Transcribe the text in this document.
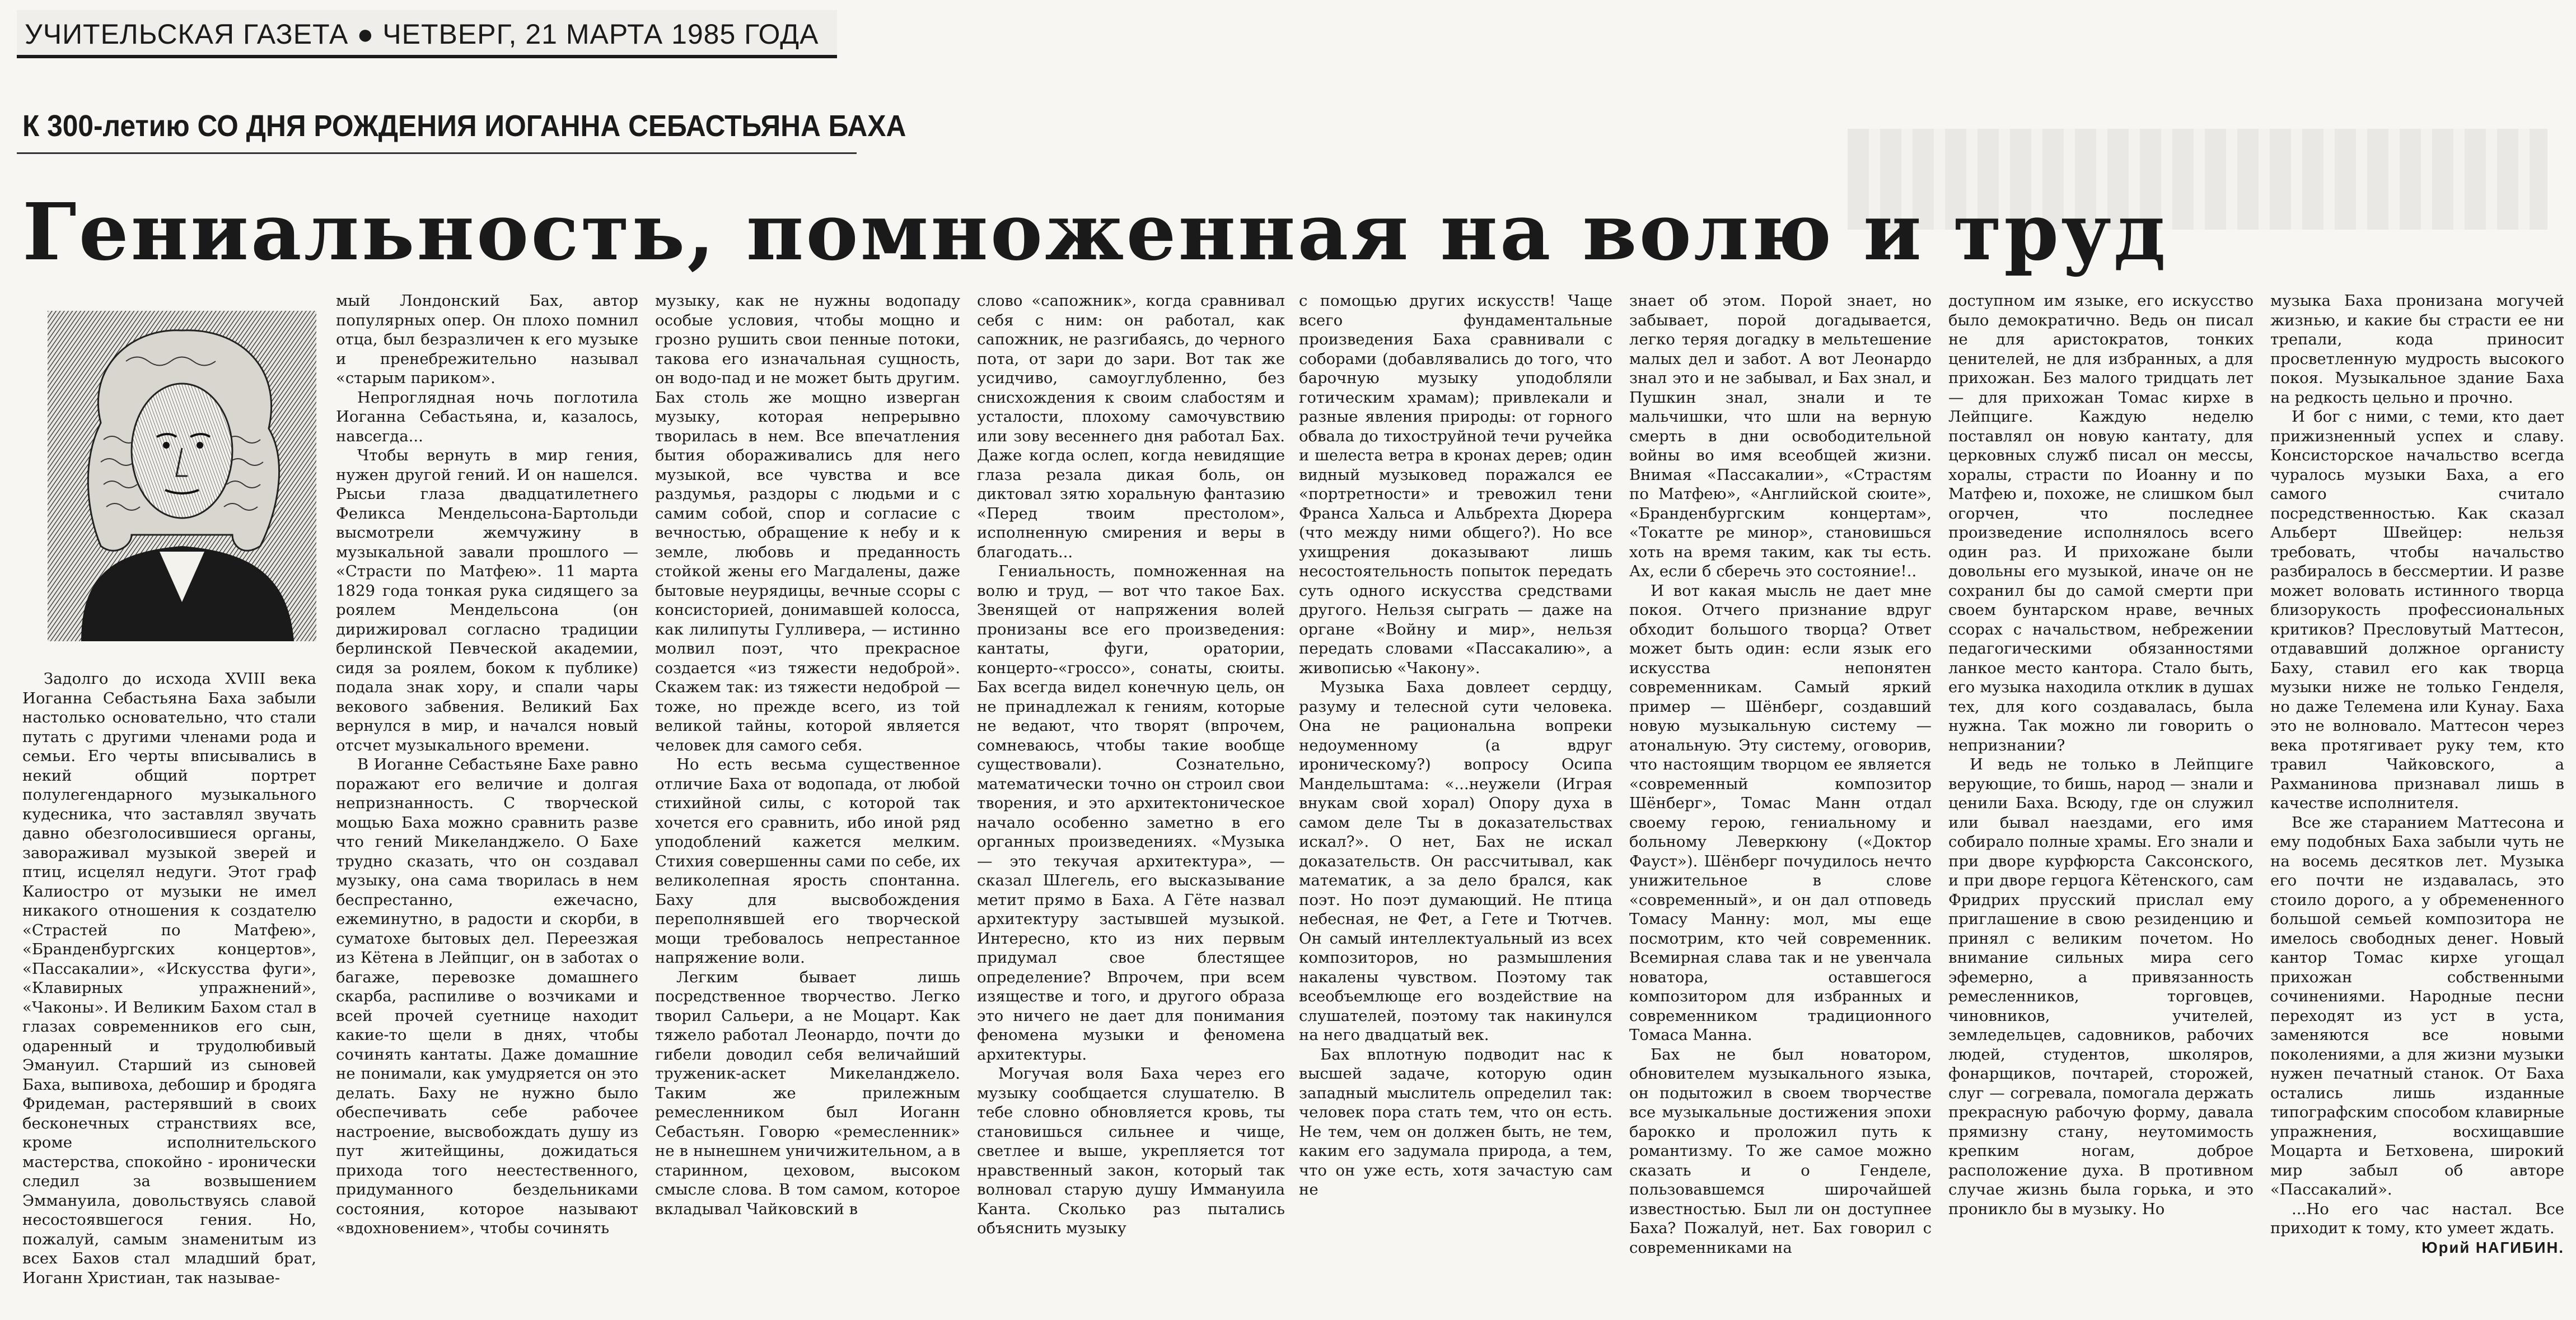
УЧИТЕЛЬСКАЯ ГАЗЕТА ● ЧЕТВЕРГ, 21 МАРТА 1985 ГОДА
К 300-летию СО ДНЯ РОЖДЕНИЯ ИОГАННА СЕБАСТЬЯНА БАХА
Гениальность, помноженная на волю и труд

Задолго до исхода XVIII века Иоганна Себастьяна Баха забыли настолько основательно, что стали путать с другими членами рода и семьи. Его черты вписывались в некий общий портрет полулегендарного музыкального кудесника, что заставлял звучать давно обезголосившиеся органы, завораживал музыкой зверей и птиц, исцелял недуги. Этот граф Калиостро от музыки не имел никакого отношения к создателю «Страстей по Матфею», «Бранденбургских концертов», «Пассакалии», «Искусства фуги», «Клавирных упражнений», «Чаконы». И Великим Бахом стал в глазах современников его сын, одаренный и трудолюбивый Эмануил. Старший из сыновей Баха, выпивоха, дебошир и бродяга Фридеман, растерявший в своих бесконечных странствиях все, кроме исполнительского мастерства, спокойно - иронически следил за возвышением Эммануила, довольствуясь славой несостоявшегося гения. Но, пожалуй, самым знаменитым из всех Бахов стал младший брат, Иоганн Христиан, так называе-

мый Лондонский Бах, автор популярных опер. Он плохо помнил отца, был безразличен к его музыке и пренебрежительно называл «старым париком».

Непроглядная ночь поглотила Иоганна Себастьяна, и, казалось, навсегда...

Чтобы вернуть в мир гения, нужен другой гений. И он нашелся. Рысьи глаза двадцатилетнего Феликса Мендельсона-Бартольди высмотрели жемчужину в музыкальной завали прошлого — «Страсти по Матфею». 11 марта 1829 года тонкая рука сидящего за роялем Мендельсона (он дирижировал согласно традиции берлинской Певческой академии, сидя за роялем, боком к публике) подала знак хору, и спали чары векового забвения. Великий Бах вернулся в мир, и начался новый отсчет музыкального времени.

В Иоганне Себастьяне Бахе равно поражают его величие и долгая непризнанность. С творческой мощью Баха можно сравнить разве что гений Микеланджело. О Бахе трудно сказать, что он создавал музыку, она сама творилась в нем беспрестанно, ежечасно, ежеминутно, в радости и скорби, в суматохе бытовых дел. Переезжая из Кётена в Лейпциг, он в заботах о багаже, перевозке домашнего скарба, распиливе о возчиками и всей прочей суетнице находит какие-то щели в днях, чтобы сочинять кантаты. Даже домашние не понимали, как умудряется он это делать. Баху не нужно было обеспечивать себе рабочее настроение, высвобождать душу из пут житейщины, дожидаться прихода того неестественного, придуманного бездельниками состояния, которое называют «вдохновением», чтобы сочинять

музыку, как не нужны водопаду особые условия, чтобы мощно и грозно рушить свои пенные потоки, такова его изначальная сущность, он водо-пад и не может быть другим. Бах столь же мощно изверган музыку, которая непрерывно творилась в нем. Все впечатления бытия обораживались для него музыкой, все чувства и все раздумья, раздоры с людьми и с самим собой, спор и согласие с вечностью, обращение к небу и к земле, любовь и преданность стойкой жены его Магдалены, даже бытовые неурядицы, вечные ссоры с консисторией, донимавшей колосса, как лилипуты Гулливера, — истинно молвил поэт, что прекрасное создается «из тяжести недоброй». Скажем так: из тяжести недоброй — тоже, но прежде всего, из той великой тайны, которой является человек для самого себя.

Но есть весьма существенное отличие Баха от водопада, от любой стихийной силы, с которой так хочется его сравнить, ибо иной ряд уподоблений кажется мелким. Стихия совершенны сами по себе, их великолепная ярость спонтанна. Баху для высвобождения переполнявшей его творческой мощи требовалось непрестанное напряжение воли.

Легким бывает лишь посредственное творчество. Легко творил Сальери, а не Моцарт. Как тяжело работал Леонардо, почти до гибели доводил себя величайший труженик-аскет Микеланджело. Таким же прилежным ремесленником был Иоганн Себастьян. Говорю «ремесленник» не в нынешнем уничижительном, а в старинном, цеховом, высоком смысле слова. В том самом, которое вкладывал Чайковский в

слово «сапожник», когда сравнивал себя с ним: он работал, как сапожник, не разгибаясь, до черного пота, от зари до зари. Вот так же усидчиво, самоуглубленно, без снисхождения к своим слабостям и усталости, плохому самочувствию или зову весеннего дня работал Бах. Даже когда ослеп, когда невидящие глаза резала дикая боль, он диктовал зятю хоральную фантазию «Перед твоим престолом», исполненную смирения и веры в благодать...

Гениальность, помноженная на волю и труд, — вот что такое Бах. Звенящей от напряжения волей пронизаны все его произведения: кантаты, фуги, оратории, концерто-«гроссо», сонаты, сюиты. Бах всегда видел конечную цель, он не принадлежал к гениям, которые не ведают, что творят (впрочем, сомневаюсь, чтобы такие вообще существовали). Сознательно, математически точно он строил свои творения, и это архитектоническое начало особенно заметно в его органных произведениях. «Музыка — это текучая архитектура», — сказал Шлегель, его высказывание метит прямо в Баха. А Гёте назвал архитектуру застывшей музыкой. Интересно, кто из них первым придумал свое блестящее определение? Впрочем, при всем изяществе и того, и другого образа это ничего не дает для понимания феномена музыки и феномена архитектуры.

Могучая воля Баха через его музыку сообщается слушателю. В тебе словно обновляется кровь, ты становишься сильнее и чище, светлее и выше, укрепляется тот нравственный закон, который так волновал старую душу Иммануила Канта. Сколько раз пытались объяснить музыку

с помощью других искусств! Чаще всего фундаментальные произведения Баха сравнивали с соборами (добавлявались до того, что барочную музыку уподобляли готическим храмам); привлекали и разные явления природы: от горного обвала до тихоструйной течи ручейка и шелеста ветра в кронах дерев; один видный музыковед поражался ее «портретности» и тревожил тени Франса Хальса и Альбрехта Дюрера (что между ними общего?). Но все ухищрения доказывают лишь несостоятельность попыток передать суть одного искусства средствами другого. Нельзя сыграть — даже на органе «Войну и мир», нельзя передать словами «Пассакалию», а живописью «Чакону».

Музыка Баха довлеет сердцу, разуму и телесной сути человека. Она не рациональна вопреки недоуменному (а вдруг ироническому?) вопросу Осипа Мандельштама: «...неужели (Играя внукам свой хорал) Опору духа в самом деле Ты в доказательствах искал?». О нет, Бах не искал доказательств. Он рассчитывал, как математик, а за дело брался, как поэт. Но поэт думающий. Не птица небесная, не Фет, а Гете и Тютчев. Он самый интеллектуальный из всех композиторов, но размышления накалены чувством. Поэтому так всеобъемлюще его воздействие на слушателей, поэтому так накинулся на него двадцатый век.

Бах вплотную подводит нас к высшей задаче, которую один западный мыслитель определил так: человек пора стать тем, что он есть. Не тем, чем он должен быть, не тем, каким его задумала природа, а тем, что он уже есть, хотя зачастую сам не

знает об этом. Порой знает, но забывает, порой догадывается, легко теряя догадку в мельтешение малых дел и забот. А вот Леонардо знал это и не забывал, и Бах знал, и Пушкин знал, знали и те мальчишки, что шли на верную смерть в дни освободительной войны во имя всеобщей жизни. Внимая «Пассакалии», «Страстям по Матфею», «Английской сюите», «Бранденбургским концертам», «Токатте ре минор», становишься хоть на время таким, как ты есть. Ах, если б сберечь это состояние!..

И вот какая мысль не дает мне покоя. Отчего признание вдруг обходит большого творца? Ответ может быть один: если язык его искусства непонятен современникам. Самый яркий пример — Шёнберг, создавший новую музыкальную систему — атональную. Эту систему, оговорив, что настоящим творцом ее является «современный композитор Шёнберг», Томас Манн отдал своему герою, гениальному и больному Леверкюну («Доктор Фауст»). Шёнберг почудилось нечто унижительное в слове «современный», и он дал отповедь Томасу Манну: мол, мы еще посмотрим, кто чей современник. Всемирная слава так и не увенчала новатора, оставшегося композитором для избранных и современником традиционного Томаса Манна.

Бах не был новатором, обновителем музыкального языка, он подытожил в своем творчестве все музыкальные достижения эпохи барокко и проложил путь к романтизму. То же самое можно сказать и о Генделе, пользовавшемся широчайшей известностью. Был ли он доступнее Баха? Пожалуй, нет. Бах говорил с современниками на

доступном им языке, его искусство было демократично. Ведь он писал не для аристократов, тонких ценителей, не для избранных, а для прихожан. Без малого тридцать лет — для прихожан Томас кирхе в Лейпциге. Каждую неделю поставлял он новую кантату, для церковных служб писал он мессы, хоралы, страсти по Иоанну и по Матфею и, похоже, не слишком был огорчен, что последнее произведение исполнялось всего один раз. И прихожане были довольны его музыкой, иначе он не сохранил бы до самой смерти при своем бунтарском нраве, вечных ссорах с начальством, небрежении педагогическими обязанностями ланкое место кантора. Стало быть, его музыка находила отклик в душах тех, для кого создавалась, была нужна. Так можно ли говорить о непризнании?

И ведь не только в Лейпциге верующие, то бишь, народ — знали и ценили Баха. Всюду, где он служил или бывал наездами, его имя собирало полные храмы. Его знали и при дворе курфюрста Саксонского, и при дворе герцога Кётенского, сам Фридрих прусский прислал ему приглашение в свою резиденцию и принял с великим почетом. Но внимание сильных мира сего эфемерно, а привязанность ремесленников, торговцев, чиновников, учителей, земледельцев, садовников, рабочих людей, студентов, школяров, фонарщиков, почтарей, сторожей, слуг — согревала, помогала держать прекрасную рабочую форму, давала прямизну стану, неутомимость крепким ногам, доброе расположение духа. В противном случае жизнь была горька, и это проникло бы в музыку. Но

музыка Баха пронизана могучей жизнью, и какие бы страсти ее ни трепали, кода приносит просветленную мудрость высокого покоя. Музыкальное здание Баха на редкость цельно и прочно.

И бог с ними, с теми, кто дает прижизненный успех и славу. Консисторское начальство всегда чуралось музыки Баха, а его самого считало посредственностью. Как сказал Альберт Швейцер: нельзя требовать, чтобы начальство разбиралось в бессмертии. И разве может воловать истинного творца близорукость профессиональных критиков? Пресловутый Маттесон, отдававший должное органисту Баху, ставил его как творца музыки ниже не только Генделя, но даже Телемена или Кунау. Баха это не волновало. Маттесон через века протягивает руку тем, кто травил Чайковского, а Рахманинова признавал лишь в качестве исполнителя.

Все же старанием Маттесона и ему подобных Баха забыли чуть не на восемь десятков лет. Музыка его почти не издавалась, это стоило дорого, а у обремененного большой семьей композитора не имелось свободных денег. Новый кантор Томас кирхе угощал прихожан собственными сочинениями. Народные песни переходят из уст в уста, заменяются все новыми поколениями, а для жизни музыки нужен печатный станок. От Баха остались лишь изданные типографским способом клавирные упражнения, восхищавшие Моцарта и Бетховена, широкий мир забыл об авторе «Пассакалий».

...Но его час настал. Все приходит к тому, кто умеет ждать.

Юрий НАГИБИН.
